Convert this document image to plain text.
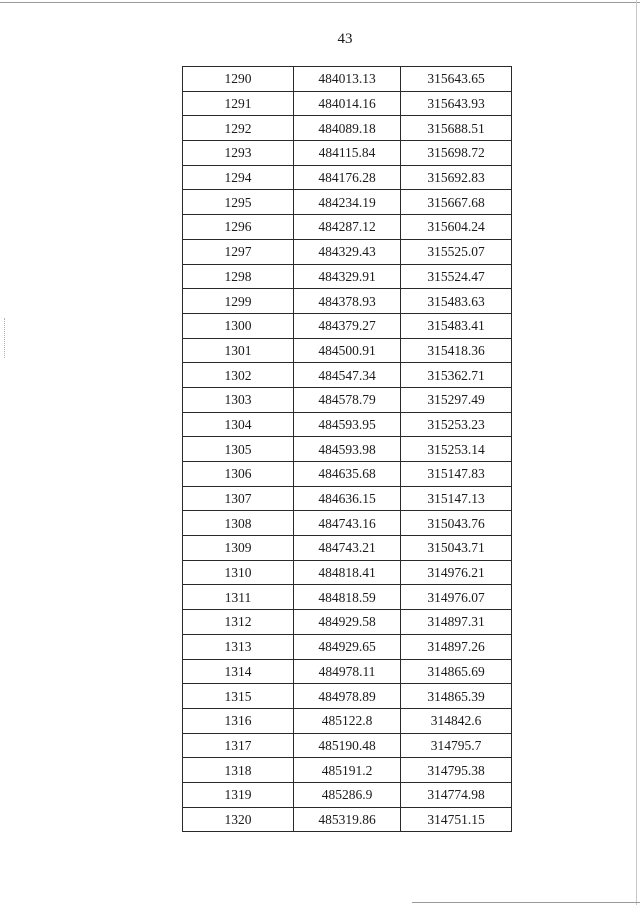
43
1290	484013.13	315643.65
1291	484014.16	315643.93
1292	484089.18	315688.51
1293	484115.84	315698.72
1294	484176.28	315692.83
1295	484234.19	315667.68
1296	484287.12	315604.24
1297	484329.43	315525.07
1298	484329.91	315524.47
1299	484378.93	315483.63
1300	484379.27	315483.41
1301	484500.91	315418.36
1302	484547.34	315362.71
1303	484578.79	315297.49
1304	484593.95	315253.23
1305	484593.98	315253.14
1306	484635.68	315147.83
1307	484636.15	315147.13
1308	484743.16	315043.76
1309	484743.21	315043.71
1310	484818.41	314976.21
1311	484818.59	314976.07
1312	484929.58	314897.31
1313	484929.65	314897.26
1314	484978.11	314865.69
1315	484978.89	314865.39
1316	485122.8	314842.6
1317	485190.48	314795.7
1318	485191.2	314795.38
1319	485286.9	314774.98
1320	485319.86	314751.15
